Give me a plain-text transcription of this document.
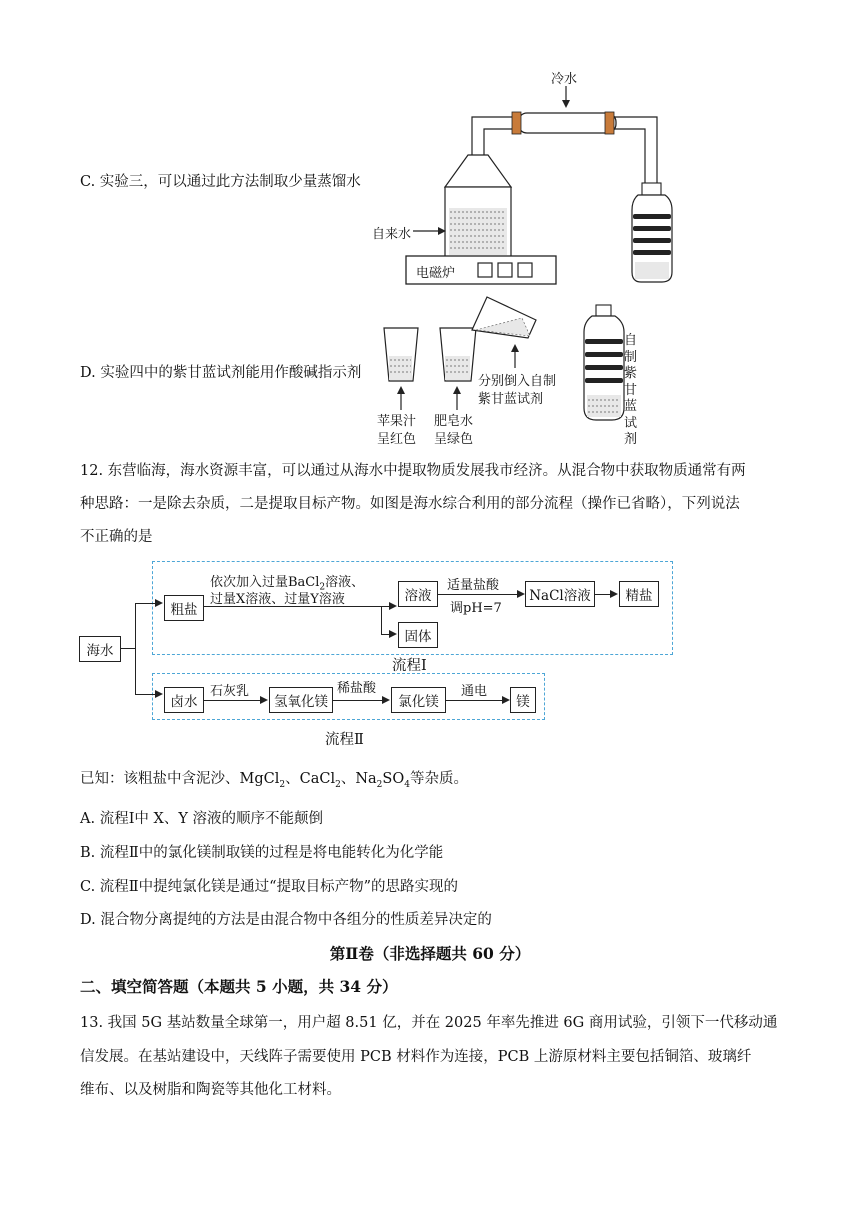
C. 实验三，可以通过此方法制取少量蒸馏水
冷水
自来水
电磁炉
D. 实验四中的紫甘蓝试剂能用作酸碱指示剂
苹果汁
呈红色
肥皂水
呈绿色
分别倒入自制
紫甘蓝试剂
自
制
紫
甘
蓝
试
剂
12. 东营临海，海水资源丰富，可以通过从海水中提取物质发展我市经济。从混合物中获取物质通常有两
种思路：一是除去杂质，二是提取目标产物。如图是海水综合利用的部分流程（操作已省略），下列说法
不正确的是
海水
粗盐
依次加入过量BaCl$_2$溶液、
过量X溶液、过量Y溶液	溶液
固体
适量盐酸
调pH=7
NaCl溶液	精盐
流程Ⅰ
卤水
石灰乳
氢氧化镁
稀盐酸
氯化镁
通电
镁
流程Ⅱ
已知：该粗盐中含泥沙、MgCl$_2$、CaCl$_2$、$Na_2SO_4$等杂质。
A. 流程Ⅰ中 X、Y 溶液的顺序不能颠倒
B. 流程Ⅱ中的氯化镁制取镁的过程是将电能转化为化学能
C. 流程Ⅱ中提纯氯化镁是通过“提取目标产物”的思路实现的
D. 混合物分离提纯的方法是由混合物中各组分的性质差异决定的
第Ⅱ卷（非选择题共 60 分）
二、填空简答题（本题共 5 小题，共 34 分）
13. 我国 5G 基站数量全球第一，用户超 8.51 亿，并在 2025 年率先推进 6G 商用试验，引领下一代移动通
信发展。在基站建设中，天线阵子需要使用 PCB 材料作为连接，PCB 上游原材料主要包括铜箔、玻璃纤
维布、以及树脂和陶瓷等其他化工材料。
